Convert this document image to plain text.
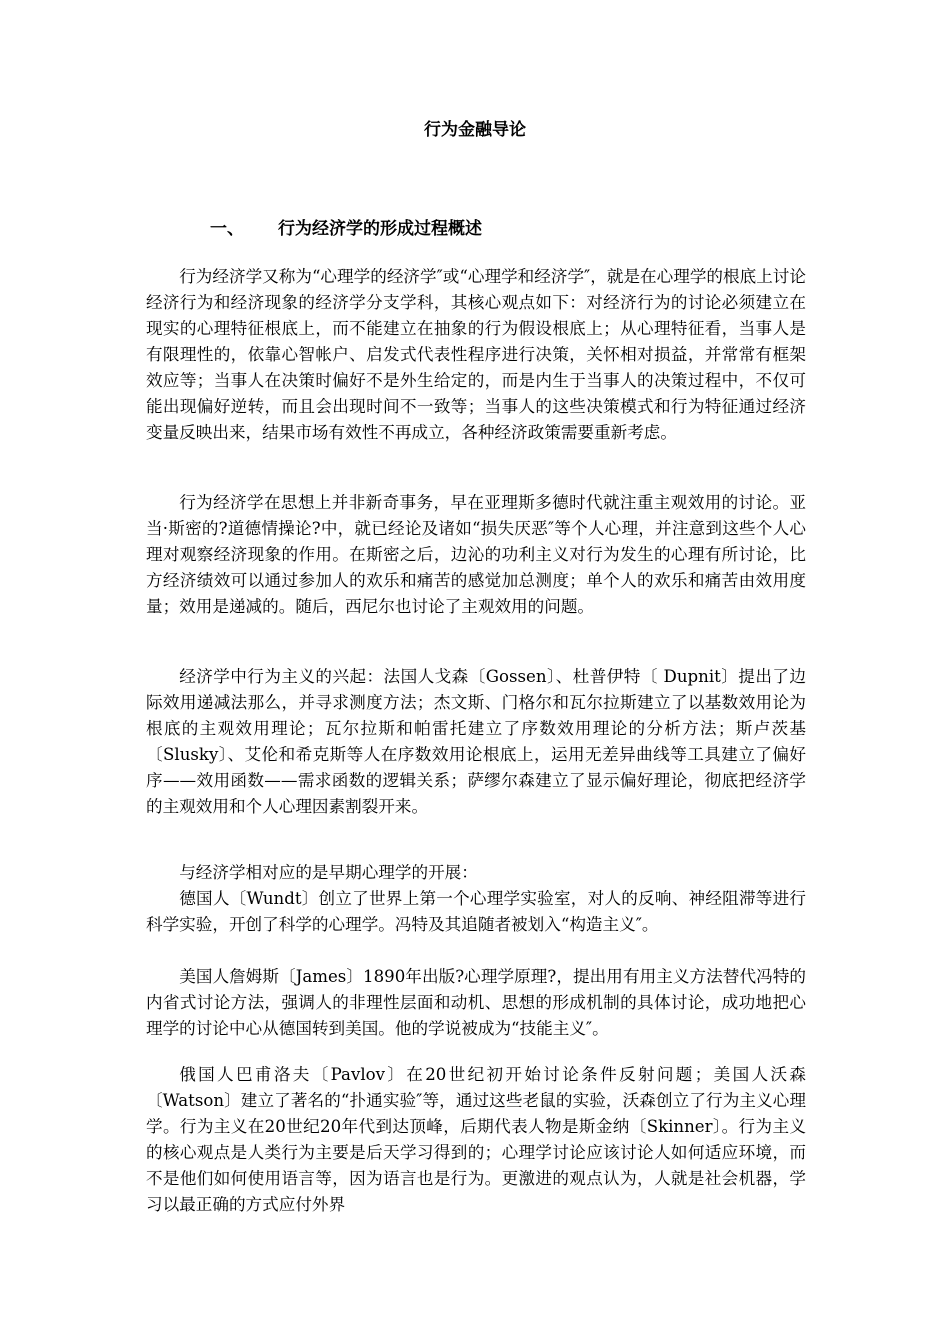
行为金融导论
一、 行为经济学的形成过程概述

行为经济学又称为“心理学的经济学″或“心理学和经济学″，就是在心理学的根底上讨论经济行为和经济现象的经济学分支学科，其核心观点如下：对经济行为的讨论必须建立在现实的心理特征根底上，而不能建立在抽象的行为假设根底上；从心理特征看，当事人是有限理性的，依靠心智帐户、启发式代表性程序进行决策，关怀相对损益，并常常有框架效应等；当事人在决策时偏好不是外生给定的，而是内生于当事人的决策过程中，不仅可能出现偏好逆转，而且会出现时间不一致等；当事人的这些决策模式和行为特征通过经济变量反映出来，结果市场有效性不再成立，各种经济政策需要重新考虑。

行为经济学在思想上并非新奇事务，早在亚理斯多德时代就注重主观效用的讨论。亚当·斯密的?道德情操论?中，就已经论及诸如“损失厌恶″等个人心理，并注意到这些个人心理对观察经济现象的作用。在斯密之后，边沁的功利主义对行为发生的心理有所讨论，比方经济绩效可以通过参加人的欢乐和痛苦的感觉加总测度；单个人的欢乐和痛苦由效用度量；效用是递减的。随后，西尼尔也讨论了主观效用的问题。

经济学中行为主义的兴起：法国人戈森〔Gossen〕、杜普伊特〔 Dupnit〕提出了边际效用递减法那么，并寻求测度方法；杰文斯、门格尔和瓦尔拉斯建立了以基数效用论为根底的主观效用理论；瓦尔拉斯和帕雷托建立了序数效用理论的分析方法；斯卢茨基〔Slusky〕、艾伦和希克斯等人在序数效用论根底上，运用无差异曲线等工具建立了偏好序——效用函数——需求函数的逻辑关系；萨缪尔森建立了显示偏好理论，彻底把经济学的主观效用和个人心理因素割裂开来。

与经济学相对应的是早期心理学的开展：

德国人〔Wundt〕创立了世界上第一个心理学实验室，对人的反响、神经阻滞等进行科学实验，开创了科学的心理学。冯特及其追随者被划入“构造主义″。

美国人詹姆斯〔James〕1890年出版?心理学原理?，提出用有用主义方法替代冯特的内省式讨论方法，强调人的非理性层面和动机、思想的形成机制的具体讨论，成功地把心理学的讨论中心从德国转到美国。他的学说被成为“技能主义″。

俄国人巴甫洛夫〔Pavlov〕在20世纪初开始讨论条件反射问题；美国人沃森〔Watson〕建立了著名的“扑通实验″等，通过这些老鼠的实验，沃森创立了行为主义心理学。行为主义在20世纪20年代到达顶峰，后期代表人物是斯金纳〔Skinner〕。行为主义的核心观点是人类行为主要是后天学习得到的；心理学讨论应该讨论人如何适应环境，而不是他们如何使用语言等，因为语言也是行为。更激进的观点认为，人就是社会机器，学习以最正确的方式应付外界
